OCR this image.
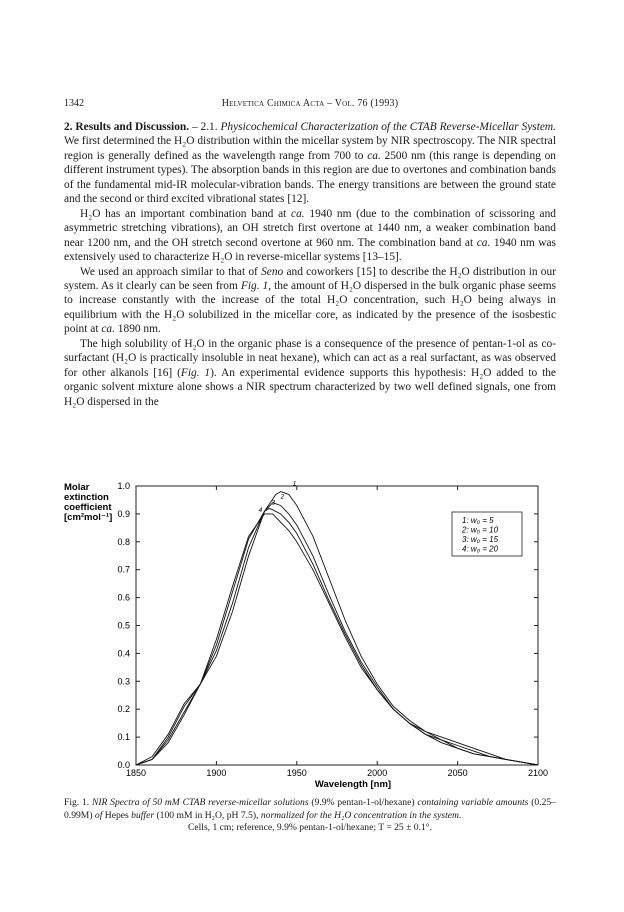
1342	Helvetica Chimica Acta – Vol. 76 (1993)

2. Results and Discussion. – 2.1. Physicochemical Characterization of the CTAB Reverse-Micellar System. We first determined the H₂O distribution within the micellar system by NIR spectroscopy. The NIR spectral region is generally defined as the wavelength range from 700 to ca. 2500 nm (this range is depending on different instrument types). The absorption bands in this region are due to overtones and combination bands of the fundamental mid-IR molecular-vibration bands. The energy transitions are between the ground state and the second or third excited vibrational states [12].

H₂O has an important combination band at ca. 1940 nm (due to the combination of scissoring and asymmetric stretching vibrations), an OH stretch first overtone at 1440 nm, a weaker combination band near 1200 nm, and the OH stretch second overtone at 960 nm. The combination band at ca. 1940 nm was extensively used to characterize H₂O in reverse-micellar systems [13–15].

We used an approach similar to that of Seno and coworkers [15] to describe the H₂O distribution in our system. As it clearly can be seen from Fig. 1, the amount of H₂O dispersed in the bulk organic phase seems to increase constantly with the increase of the total H₂O concentration, such H₂O being always in equilibrium with the H₂O solubilized in the micellar core, as indicated by the presence of the isosbestic point at ca. 1890 nm.

The high solubility of H₂O in the organic phase is a consequence of the presence of pentan-1-ol as co-surfactant (H₂O is practically insoluble in neat hexane), which can act as a real surfactant, as was observed for other alkanols [16] (Fig. 1). An experimental evidence supports this hypothesis: H₂O added to the organic solvent mixture alone shows a NIR spectrum characterized by two well defined signals, one from H₂O dispersed in the

0.0
0.1
0.2
0.3
0.4
0.5
0.6
0.7
0.8
0.9
1.0
1850	1900	1950	2000	2050	2100
Wavelength [nm]
Molar
extinction
coefficient
[cm²mol⁻¹]
1
2
3
4
1: w₀ = 5
2: w₀ = 10
3: w₀ = 15
4: w₀ = 20
Fig. 1. NIR Spectra of 50 mM CTAB reverse-micellar solutions (9.9% pentan-1-ol/hexane) containing variable amounts (0.25–0.99M) of Hepes buffer (100 mM in H₂O, pH 7.5), normalized for the H₂O concentration in the system.
Cells, 1 cm; reference, 9.9% pentan-1-ol/hexane; T = 25 ± 0.1°.
